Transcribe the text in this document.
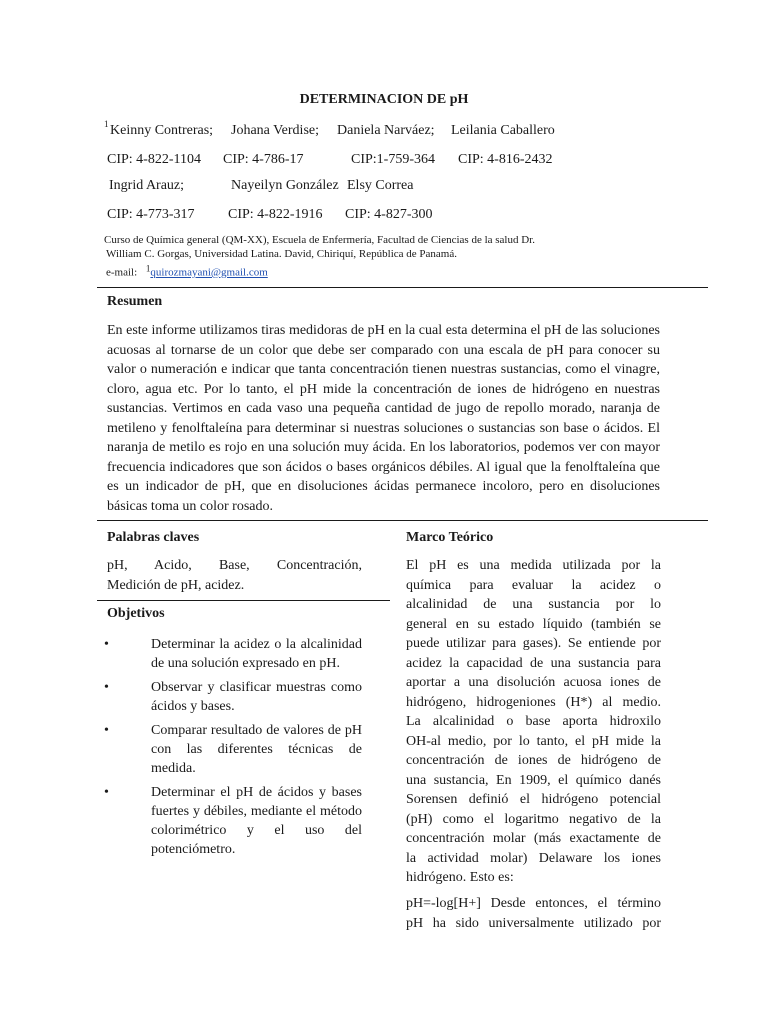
DETERMINACION DE pH
$^1$ Keinny Contreras; Johana Verdise; Daniela Narváez; Leilania Caballero
CIP: 4-822-1104 CIP: 4-786-17	CIP:1-759-364 CIP: 4-816-2432
Ingrid Arauz;	Nayeilyn González Elsy Correa
CIP: 4-773-317 CIP: 4-822-1916 CIP: 4-827-300
Curso de Química general (QM-XX), Escuela de Enfermería, Facultad de Ciencias de la salud Dr.
William C. Gorgas, Universidad Latina. David, Chiriquí, República de Panamá.
e-mail: $^1$quirozmayani@gmail.com
Resumen
En este informe utilizamos tiras medidoras de pH en la cual esta determina el pH de las soluciones acuosas al tornarse de un color que debe ser comparado con una escala de pH para conocer su valor o numeración e indicar que tanta concentración tienen nuestras sustancias, como el vinagre, cloro, agua etc. Por lo tanto, el pH mide la concentración de iones de hidrógeno en nuestras sustancias. Vertimos en cada vaso una pequeña cantidad de jugo de repollo morado, naranja de metileno y fenolftaleína para determinar si nuestras soluciones o sustancias son base o ácidos. El naranja de metilo es rojo en una solución muy ácida. En los laboratorios, podemos ver con mayor frecuencia indicadores que son ácidos o bases orgánicos débiles. Al igual que la fenolftaleína que es un indicador de pH, que en disoluciones ácidas permanece incoloro, pero en disoluciones básicas toma un color rosado.
Palabras claves
pH, Acido, Base, Concentración,
Medición de pH, acidez.
Objetivos
•	Determinar la acidez o la alcalinidad de una solución expresado en pH.
•	Observar y clasificar muestras como ácidos y bases.
•	Comparar resultado de valores de pH con las diferentes técnicas de medida.
•	Determinar el pH de ácidos y bases fuertes y débiles, mediante el método colorimétrico y el uso del potenciómetro.
Marco Teórico
El pH es una medida utilizada por la
química para evaluar la acidez o
alcalinidad de una sustancia por lo
general en su estado líquido (también se
puede utilizar para gases). Se entiende por
acidez la capacidad de una sustancia para
aportar a una disolución acuosa iones de
hidrógeno, hidrogeniones (H*) al medio.
La alcalinidad o base aporta hidroxilo
OH-al medio, por lo tanto, el pH mide la
concentración de iones de hidrógeno de
una sustancia, En 1909, el químico danés
Sorensen definió el hidrógeno potencial
(pH) como el logaritmo negativo de la
concentración molar (más exactamente de
la actividad molar) Delaware los iones
hidrógeno. Esto es:
pH=-log[H+] Desde entonces, el término
pH ha sido universalmente utilizado por
